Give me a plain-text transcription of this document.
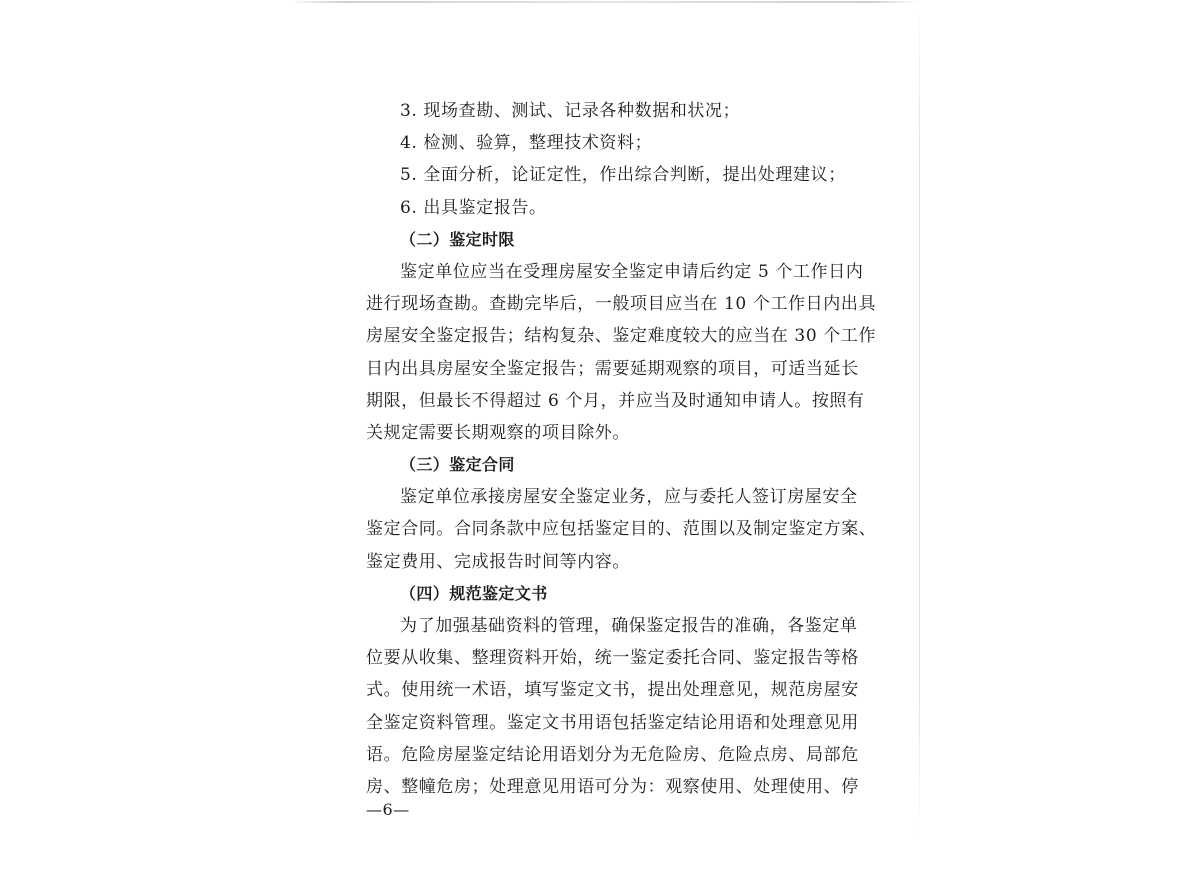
3. 现场查勘、测试、记录各种数据和状况；
4. 检测、验算，整理技术资料；
5. 全面分析，论证定性，作出综合判断，提出处理建议；
6. 出具鉴定报告。
（二）鉴定时限
鉴定单位应当在受理房屋安全鉴定申请后约定 5 个工作日内
进行现场查勘。查勘完毕后，一般项目应当在 10 个工作日内出具
房屋安全鉴定报告；结构复杂、鉴定难度较大的应当在 30 个工作
日内出具房屋安全鉴定报告；需要延期观察的项目，可适当延长
期限，但最长不得超过 6 个月，并应当及时通知申请人。按照有
关规定需要长期观察的项目除外。
（三）鉴定合同
鉴定单位承接房屋安全鉴定业务，应与委托人签订房屋安全
鉴定合同。合同条款中应包括鉴定目的、范围以及制定鉴定方案、
鉴定费用、完成报告时间等内容。
（四）规范鉴定文书
为了加强基础资料的管理，确保鉴定报告的准确，各鉴定单
位要从收集、整理资料开始，统一鉴定委托合同、鉴定报告等格
式。使用统一术语，填写鉴定文书，提出处理意见，规范房屋安
全鉴定资料管理。鉴定文书用语包括鉴定结论用语和处理意见用
语。危险房屋鉴定结论用语划分为无危险房、危险点房、局部危
房、整幢危房；处理意见用语可分为：观察使用、处理使用、停
—6—
